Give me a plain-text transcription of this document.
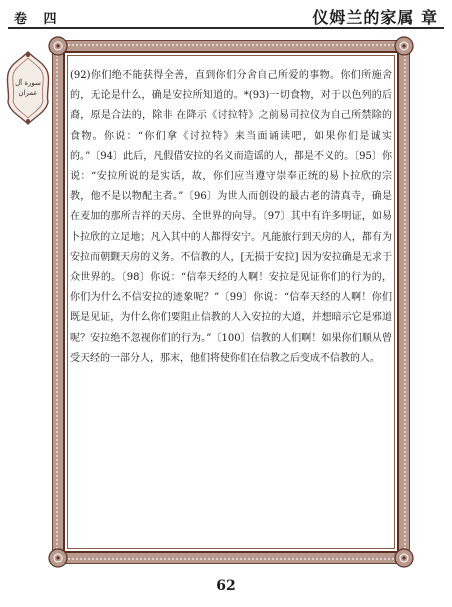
卷 四	仪姆兰的家属 章
سورة آل عمران
(92)你们绝不能获得全善，直到你们分舍自己所爱的事物。你们所施舍的，无论是什么，确是安拉所知道的。*(93)一切食物，对于以色列的后裔，原是合法的，除非 在降示《讨拉特》之前易司拉仪为自己所禁除的食物。你说：“你们拿《讨拉特》来当面诵读吧，如果你们是诚实的。”〔94〕此后，凡假借安拉的名义而造谣的人，都是不义的。〔95〕你说：“安拉所说的是实话，故，你们应当遵守崇奉正统的易卜拉欣的宗教，他不是以物配主者。”〔96〕为世人而创设的最古老的清真寺，确是在麦加的那所吉祥的天房、全世界的向导。〔97〕其中有许多明证，如易卜拉欣的立足地；凡入其中的人都得安宁。凡能旅行到天房的人，都有为安拉而朝觐天房的义务。不信教的人，[无损于安拉] 因为安拉确是无求于众世界的。〔98〕你说：“信奉天经的人啊！安拉是见证你们的行为的，你们为什么不信安拉的迹象呢？”〔99〕你说：“信奉天经的人啊！你们既是见证，为什么你们要阻止信教的人入安拉的大道，并想暗示它是邪道呢？安拉绝不忽视你们的行为。”〔100〕信教的人们啊！如果你们顺从曾受天经的一部分人，那末，他们将使你们在信教之后变成不信教的人。
62
